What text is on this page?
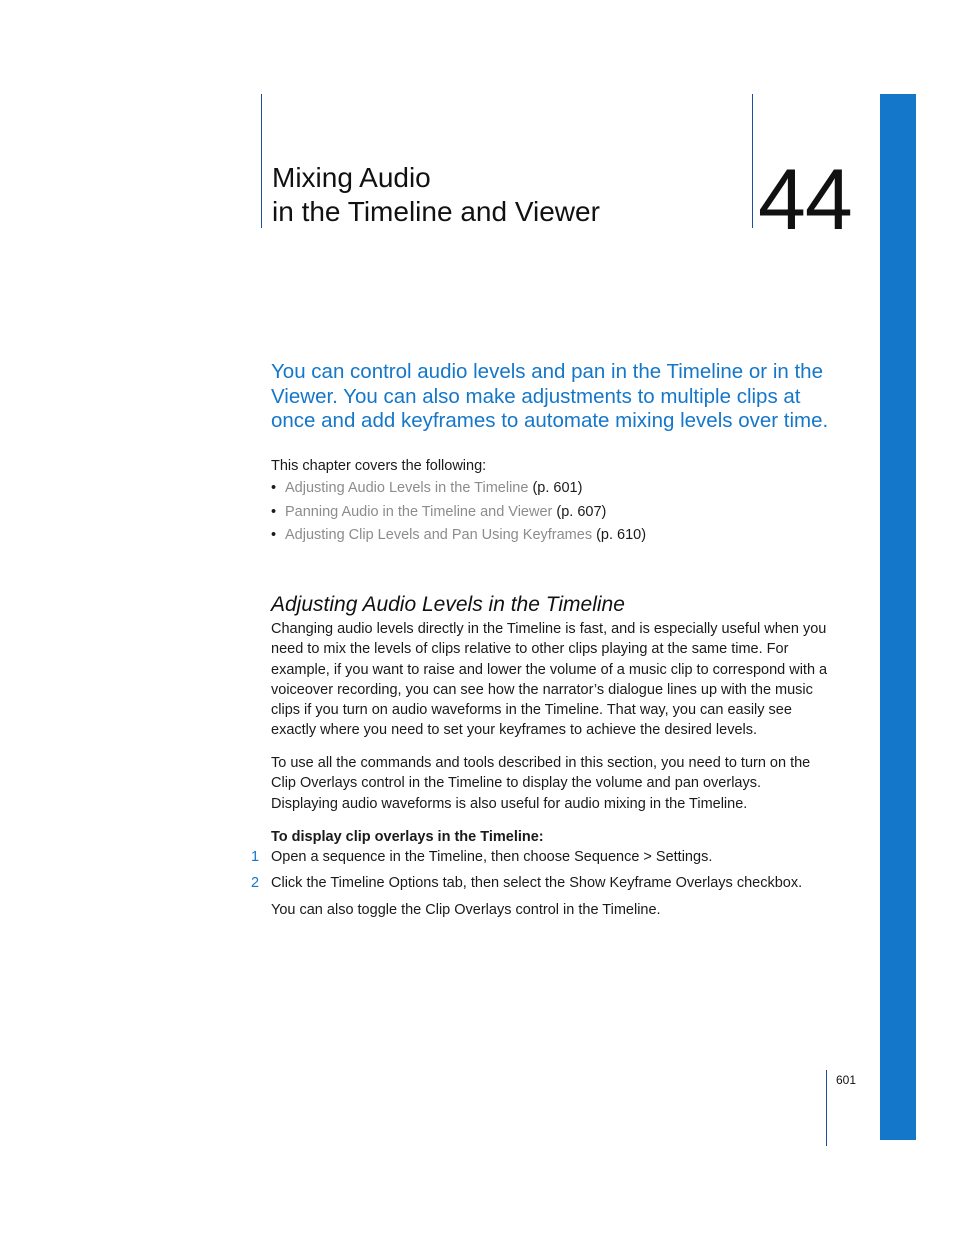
Mixing Audio
in the Timeline and Viewer	44

You can control audio levels and pan in the Timeline or in the Viewer. You can also make adjustments to multiple clips at once and add keyframes to automate mixing levels over time.

This chapter covers the following:

• Adjusting Audio Levels in the Timeline (p. 601)
• Panning Audio in the Timeline and Viewer (p. 607)
• Adjusting Clip Levels and Pan Using Keyframes (p. 610)
Adjusting Audio Levels in the Timeline

Changing audio levels directly in the Timeline is fast, and is especially useful when you need to mix the levels of clips relative to other clips playing at the same time. For example, if you want to raise and lower the volume of a music clip to correspond with a voiceover recording, you can see how the narrator’s dialogue lines up with the music clips if you turn on audio waveforms in the Timeline. That way, you can easily see exactly where you need to set your keyframes to achieve the desired levels.

To use all the commands and tools described in this section, you need to turn on the Clip Overlays control in the Timeline to display the volume and pan overlays. Displaying audio waveforms is also useful for audio mixing in the Timeline.

To display clip overlays in the Timeline:

1 Open a sequence in the Timeline, then choose Sequence > Settings.
2 Click the Timeline Options tab, then select the Show Keyframe Overlays checkbox.

You can also toggle the Clip Overlays control in the Timeline.

601
